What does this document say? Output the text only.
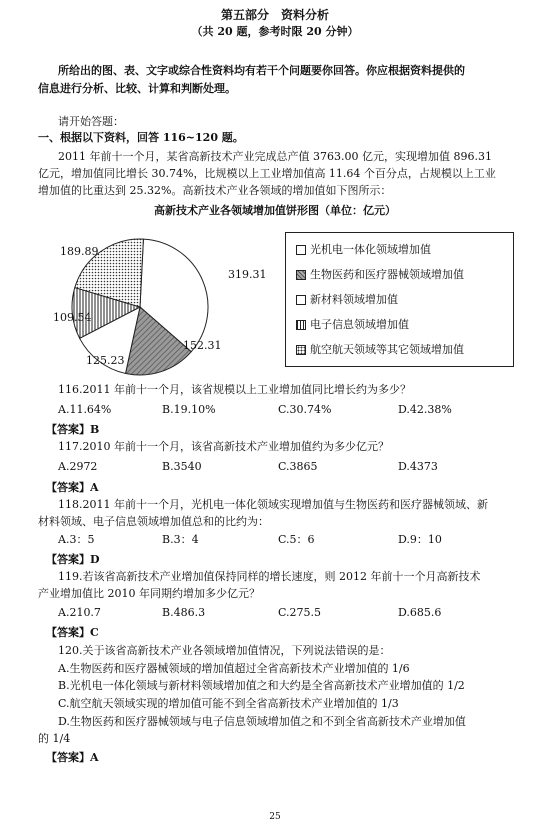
第五部分　资料分析
（共 20 题，参考时限 20 分钟）
所给出的图、表、文字或综合性资料均有若干个问题要你回答。你应根据资料提供的
信息进行分析、比较、计算和判断处理。
请开始答题：
一、根据以下资料，回答 116~120 题。
2011 年前十一个月，某省高新技术产业完成总产值 3763.00 亿元，实现增加值 896.31
亿元，增加值同比增长 30.74%，比规模以上工业增加值高 11.64 个百分点，占规模以上工业
增加值的比重达到 25.32%。高新技术产业各领域的增加值如下图所示：
高新技术产业各领域增加值饼形图（单位：亿元）
319.31
152.31
125.23
109.54
189.89	光机电一体化领域增加值
生物医药和医疗器械领域增加值
新材料领域增加值
电子信息领域增加值
航空航天领域等其它领域增加值
116.2011 年前十一个月，该省规模以上工业增加值同比增长约为多少？
A.11.64%	B.19.10%	C.30.74%	D.42.38%
【答案】B
117.2010 年前十一个月，该省高新技术产业增加值约为多少亿元？
A.2972	B.3540	C.3865	D.4373
【答案】A
118.2011 年前十一个月，光机电一体化领域实现增加值与生物医药和医疗器械领域、新
材料领域、电子信息领域增加值总和的比约为：
A.3：5	B.3：4	C.5：6	D.9：10
【答案】D
119.若该省高新技术产业增加值保持同样的增长速度，则 2012 年前十一个月高新技术
产业增加值比 2010 年同期约增加多少亿元？
A.210.7	B.486.3	C.275.5	D.685.6
【答案】C
120.关于该省高新技术产业各领域增加值情况，下列说法错误的是：
A.生物医药和医疗器械领域的增加值超过全省高新技术产业增加值的 1/6
B.光机电一体化领域与新材料领域增加值之和大约是全省高新技术产业增加值的 1/2
C.航空航天领域实现的增加值可能不到全省高新技术产业增加值的 1/3
D.生物医药和医疗器械领域与电子信息领域增加值之和不到全省高新技术产业增加值
的 1/4
【答案】A
25
